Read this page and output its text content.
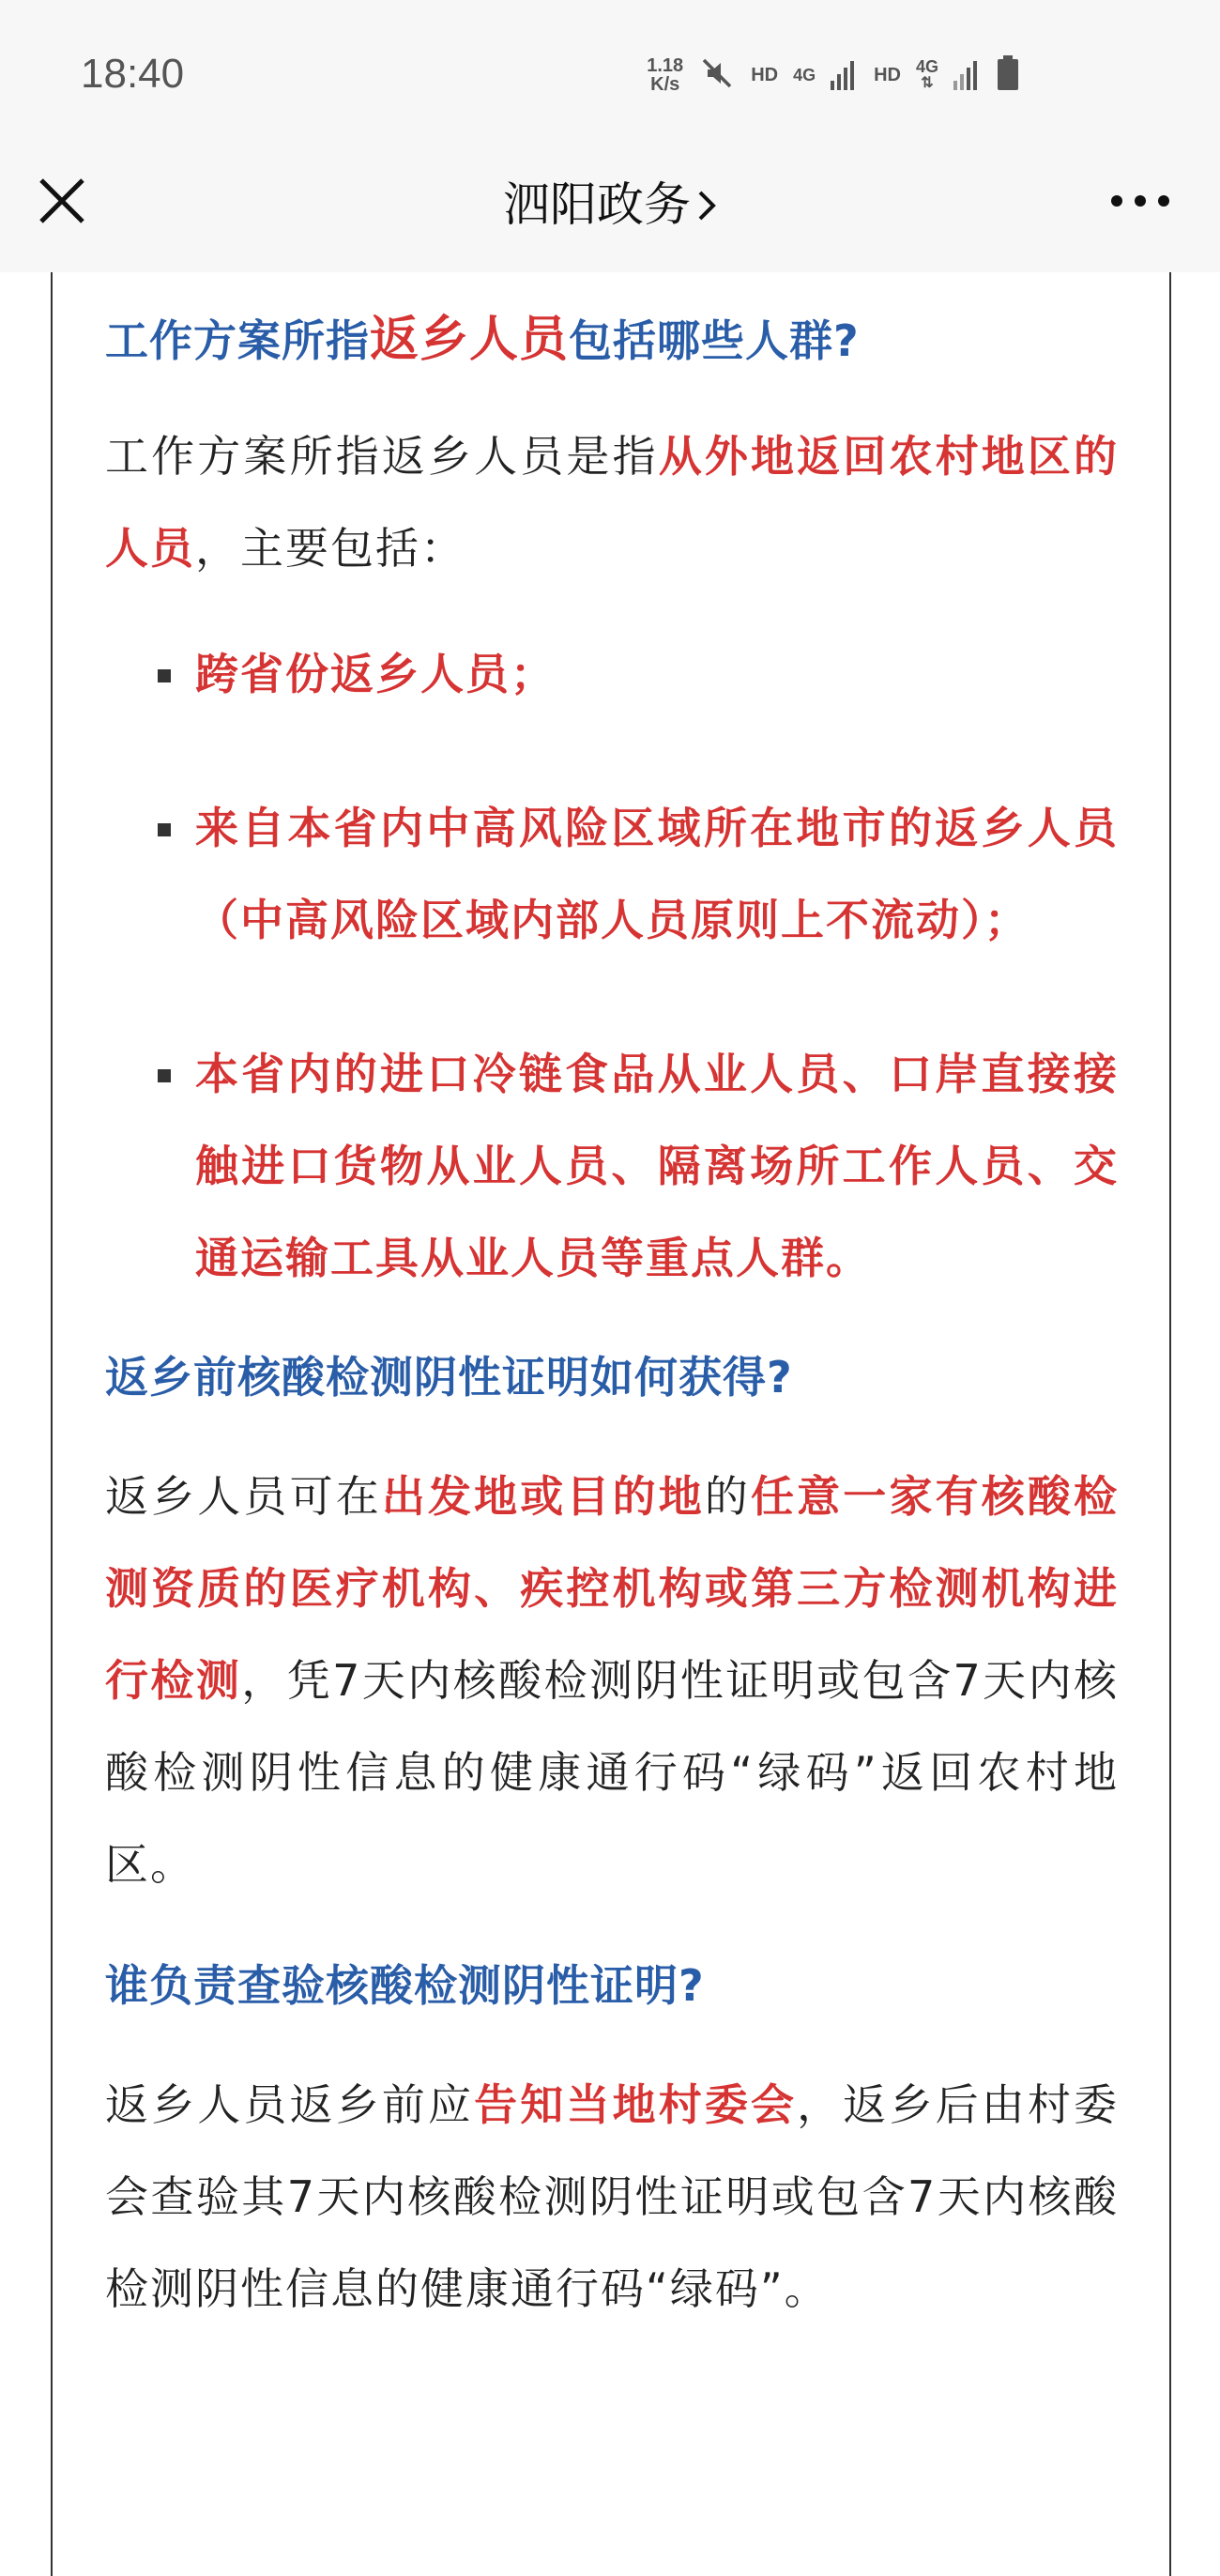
18:40	1.18
K/s	HD 4G	HD 4G
⇅
泗阳政务
工作方案所指返乡人员包括哪些人群?

工作方案所指返乡人员是指从外地返回农村地区的人员，主要包括：

跨省份返乡人员；
来自本省内中高风险区域所在地市的返乡人员（中高风险区域内部人员原则上不流动）；
本省内的进口冷链食品从业人员、口岸直接接触进口货物从业人员、隔离场所工作人员、交通运输工具从业人员等重点人群。
返乡前核酸检测阴性证明如何获得?

返乡人员可在出发地或目的地的任意一家有核酸检测资质的医疗机构、疾控机构或第三方检测机构进行检测，凭7天内核酸检测阴性证明或包含7天内核酸检测阴性信息的健康通行码“绿码”返回农村地区。

谁负责查验核酸检测阴性证明?

返乡人员返乡前应告知当地村委会，返乡后由村委会查验其7天内核酸检测阴性证明或包含7天内核酸检测阴性信息的健康通行码“绿码”。
